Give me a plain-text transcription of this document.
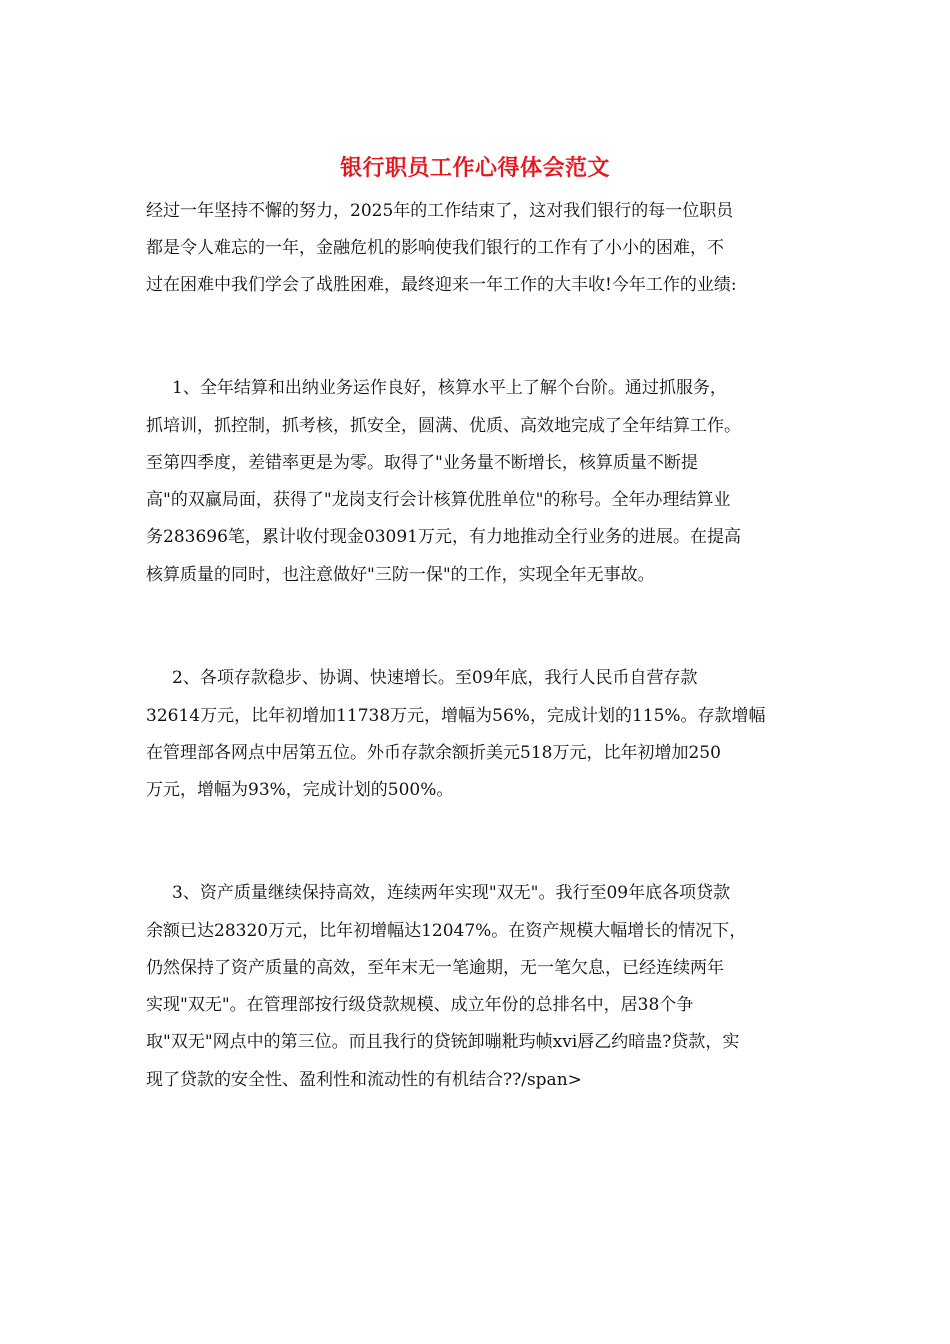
银行职员工作心得体会范文
经过一年坚持不懈的努力，2025年的工作结束了，这对我们银行的每一位职员
都是令人难忘的一年，金融危机的影响使我们银行的工作有了小小的困难，不
过在困难中我们学会了战胜困难，最终迎来一年工作的大丰收!今年工作的业绩:
1、全年结算和出纳业务运作良好，核算水平上了解个台阶。通过抓服务，
抓培训，抓控制，抓考核，抓安全，圆满、优质、高效地完成了全年结算工作。
至第四季度，差错率更是为零。取得了"业务量不断增长，核算质量不断提
高"的双赢局面，获得了"龙岗支行会计核算优胜单位"的称号。全年办理结算业
务283696笔，累计收付现金03091万元，有力地推动全行业务的进展。在提高
核算质量的同时，也注意做好"三防一保"的工作，实现全年无事故。
2、各项存款稳步、协调、快速增长。至09年底，我行人民币自营存款
32614万元，比年初增加11738万元，增幅为56%，完成计划的115%。存款增幅
在管理部各网点中居第五位。外币存款余额折美元518万元，比年初增加250
万元，增幅为93%，完成计划的500%。
3、资产质量继续保持高效，连续两年实现"双无"。我行至09年底各项贷款
余额已达28320万元，比年初增幅达12047%。在资产规模大幅增长的情况下，
仍然保持了资产质量的高效，至年末无一笔逾期，无一笔欠息，已经连续两年
实现"双无"。在管理部按行级贷款规模、成立年份的总排名中，居38个争
取"双无"网点中的第三位。而且我行的贷铳卸嘣粃玙帧ⅹⅵ唇乙约暗蛊?贷款，实
现了贷款的安全性、盈利性和流动性的有机结合??/span>
